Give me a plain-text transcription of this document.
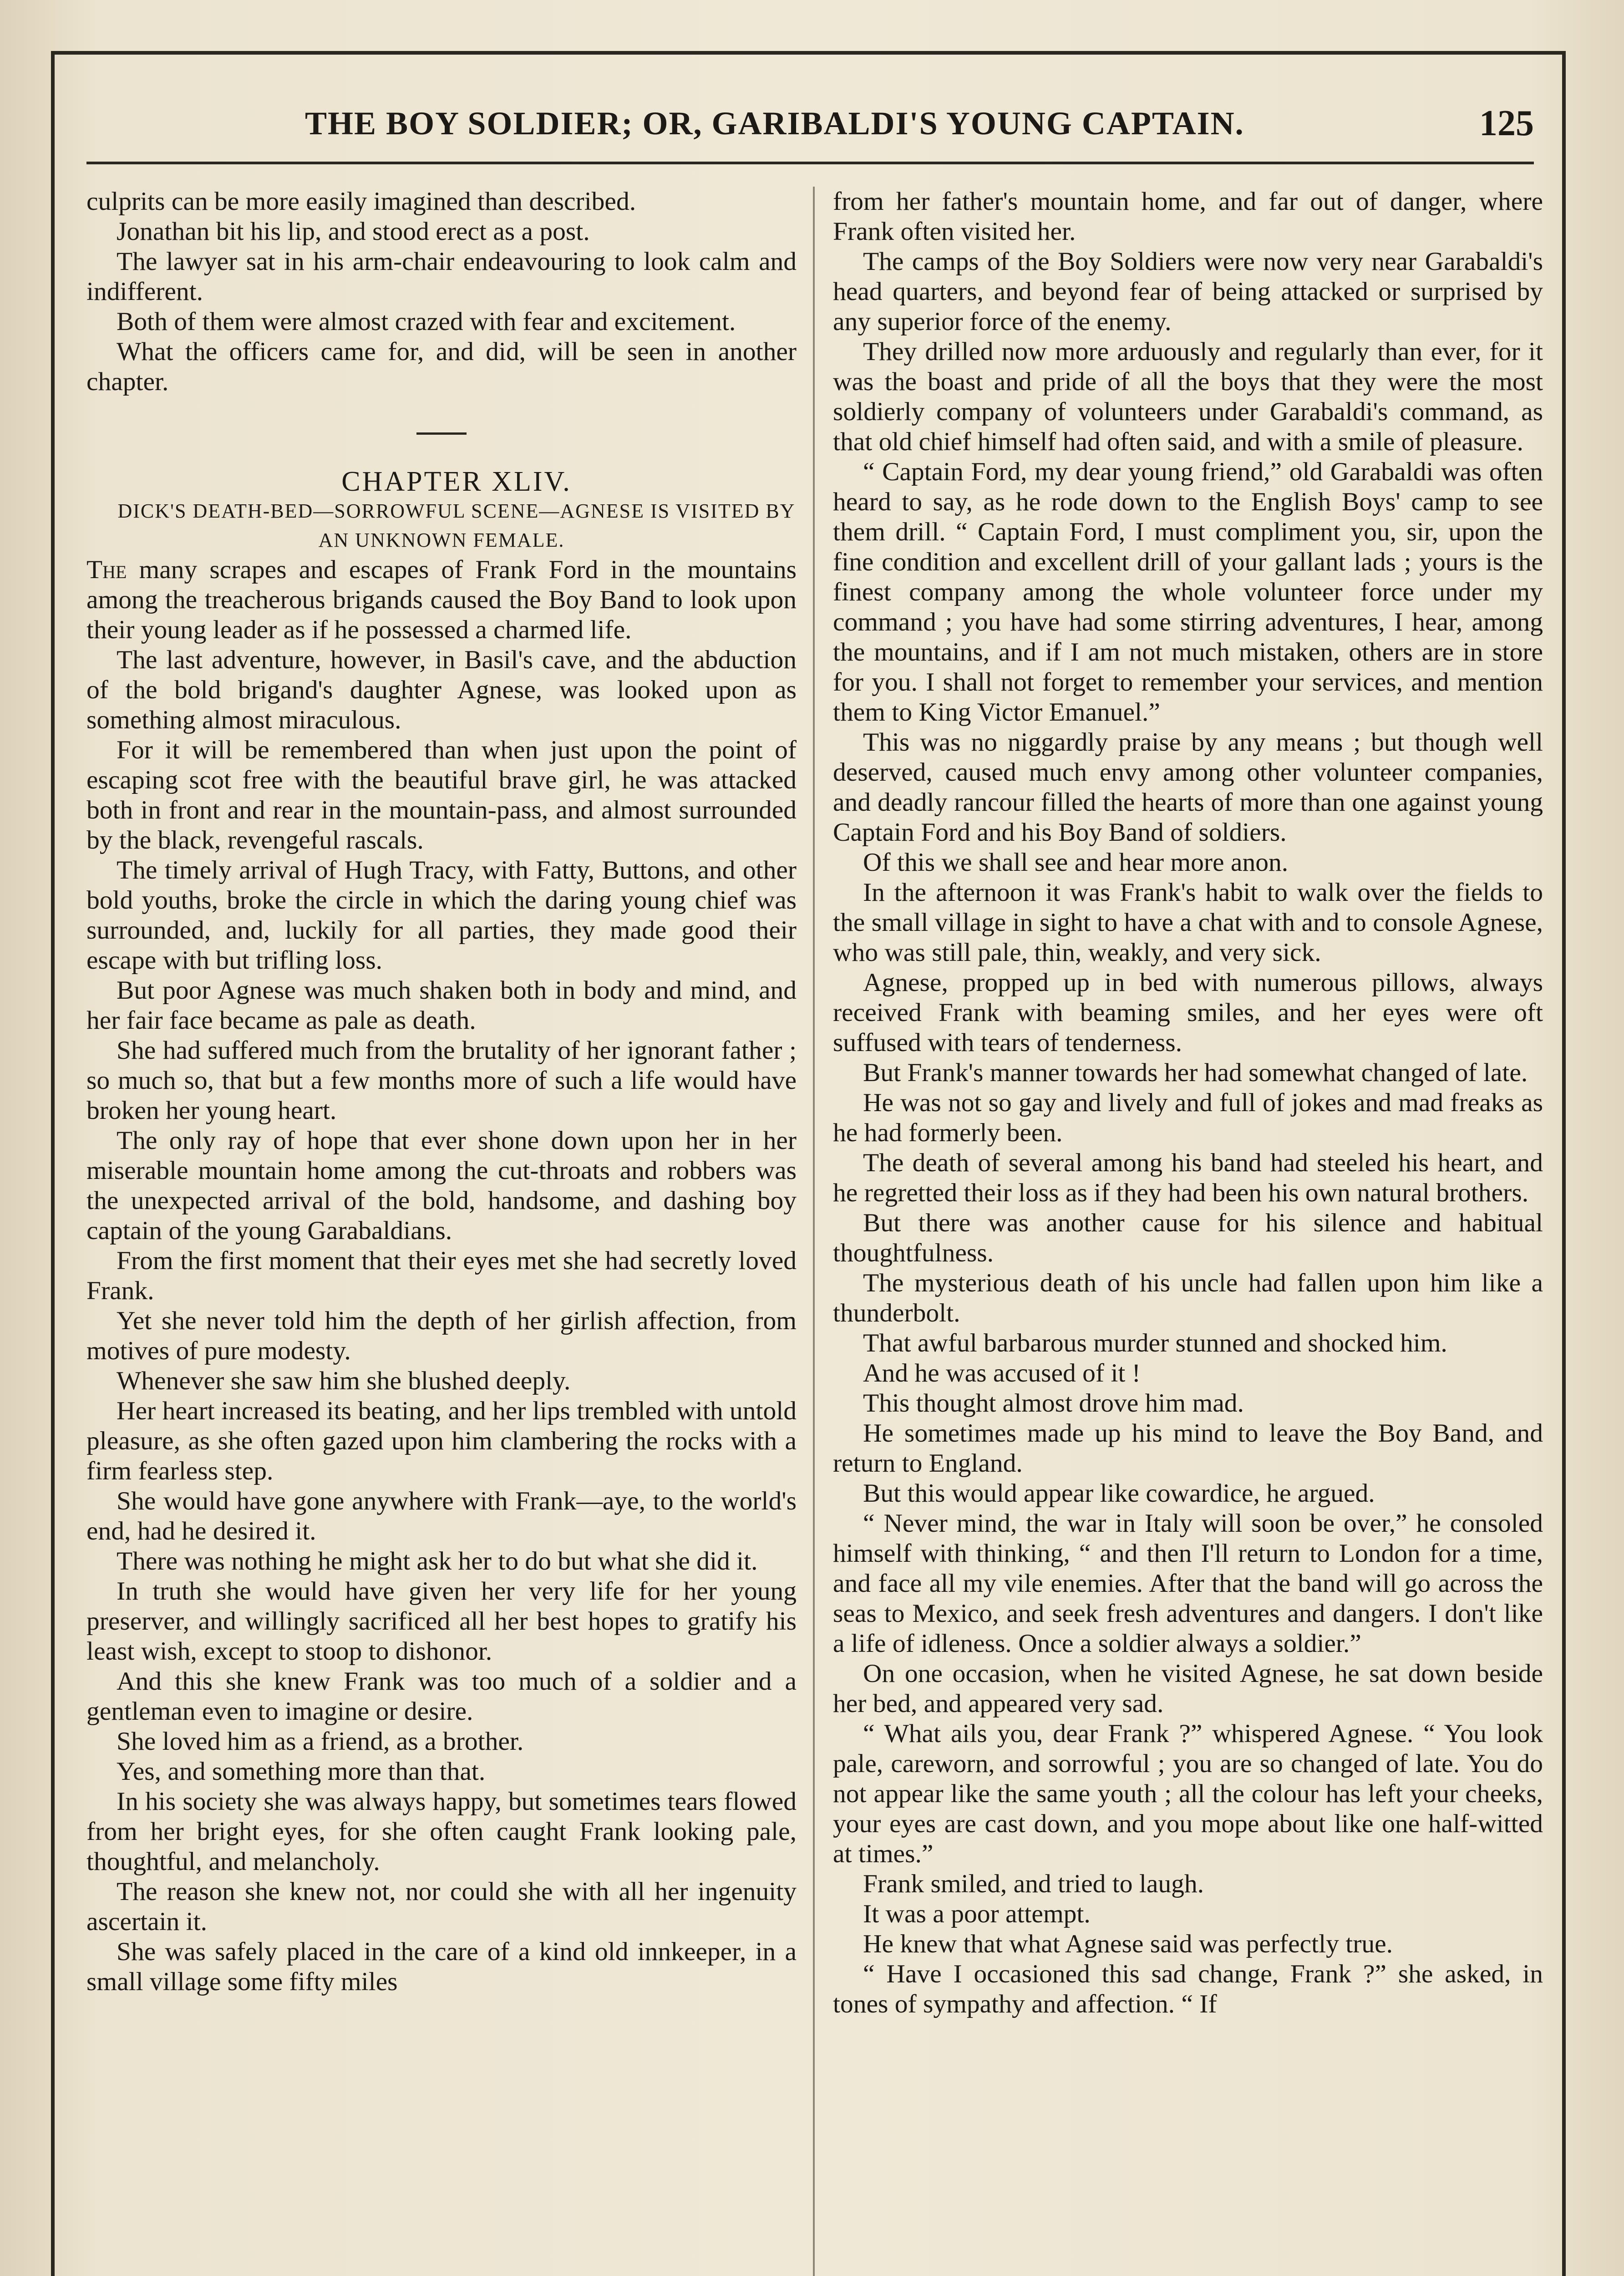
THE BOY SOLDIER; OR, GARIBALDI'S YOUNG CAPTAIN.	125

culprits can be more easily imagined than described.

Jonathan bit his lip, and stood erect as a post.

The lawyer sat in his arm-chair endeavouring to look calm and indifferent.

Both of them were almost crazed with fear and excitement.

What the officers came for, and did, will be seen in another chapter.

CHAPTER XLIV.

DICK'S DEATH-BED—SORROWFUL SCENE—AGNESE IS VISITED BY AN UNKNOWN FEMALE.

The many scrapes and escapes of Frank Ford in the mountains among the treacherous brigands caused the Boy Band to look upon their young leader as if he possessed a charmed life.

The last adventure, however, in Basil's cave, and the abduction of the bold brigand's daughter Agnese, was looked upon as something almost miraculous.

For it will be remembered than when just upon the point of escaping scot free with the beautiful brave girl, he was attacked both in front and rear in the mountain-pass, and almost surrounded by the black, revengeful rascals.

The timely arrival of Hugh Tracy, with Fatty, Buttons, and other bold youths, broke the circle in which the daring young chief was surrounded, and, luckily for all parties, they made good their escape with but trifling loss.

But poor Agnese was much shaken both in body and mind, and her fair face became as pale as death.

She had suffered much from the brutality of her ignorant father ; so much so, that but a few months more of such a life would have broken her young heart.

The only ray of hope that ever shone down upon her in her miserable mountain home among the cut-throats and robbers was the unexpected arrival of the bold, handsome, and dashing boy captain of the young Garabaldians.

From the first moment that their eyes met she had secretly loved Frank.

Yet she never told him the depth of her girlish affection, from motives of pure modesty.

Whenever she saw him she blushed deeply.

Her heart increased its beating, and her lips trembled with untold pleasure, as she often gazed upon him clambering the rocks with a firm fearless step.

She would have gone anywhere with Frank—aye, to the world's end, had he desired it.

There was nothing he might ask her to do but what she did it.

In truth she would have given her very life for her young preserver, and willingly sacrificed all her best hopes to gratify his least wish, except to stoop to dishonor.

And this she knew Frank was too much of a soldier and a gentleman even to imagine or desire.

She loved him as a friend, as a brother.

Yes, and something more than that.

In his society she was always happy, but sometimes tears flowed from her bright eyes, for she often caught Frank looking pale, thoughtful, and melancholy.

The reason she knew not, nor could she with all her ingenuity ascertain it.

She was safely placed in the care of a kind old innkeeper, in a small village some fifty miles

from her father's mountain home, and far out of danger, where Frank often visited her.

The camps of the Boy Soldiers were now very near Garabaldi's head quarters, and beyond fear of being attacked or surprised by any superior force of the enemy.

They drilled now more arduously and regularly than ever, for it was the boast and pride of all the boys that they were the most soldierly company of volunteers under Garabaldi's command, as that old chief himself had often said, and with a smile of pleasure.

“ Captain Ford, my dear young friend,” old Garabaldi was often heard to say, as he rode down to the English Boys' camp to see them drill. “ Captain Ford, I must compliment you, sir, upon the fine condition and excellent drill of your gallant lads ; yours is the finest company among the whole volunteer force under my command ; you have had some stirring adventures, I hear, among the mountains, and if I am not much mistaken, others are in store for you. I shall not forget to remember your services, and mention them to King Victor Emanuel.”

This was no niggardly praise by any means ; but though well deserved, caused much envy among other volunteer companies, and deadly rancour filled the hearts of more than one against young Captain Ford and his Boy Band of soldiers.

Of this we shall see and hear more anon.

In the afternoon it was Frank's habit to walk over the fields to the small village in sight to have a chat with and to console Agnese, who was still pale, thin, weakly, and very sick.

Agnese, propped up in bed with numerous pillows, always received Frank with beaming smiles, and her eyes were oft suffused with tears of tenderness.

But Frank's manner towards her had somewhat changed of late.

He was not so gay and lively and full of jokes and mad freaks as he had formerly been.

The death of several among his band had steeled his heart, and he regretted their loss as if they had been his own natural brothers.

But there was another cause for his silence and habitual thoughtfulness.

The mysterious death of his uncle had fallen upon him like a thunderbolt.

That awful barbarous murder stunned and shocked him.

And he was accused of it !

This thought almost drove him mad.

He sometimes made up his mind to leave the Boy Band, and return to England.

But this would appear like cowardice, he argued.

“ Never mind, the war in Italy will soon be over,” he consoled himself with thinking, “ and then I'll return to London for a time, and face all my vile enemies. After that the band will go across the seas to Mexico, and seek fresh adventures and dangers. I don't like a life of idleness. Once a soldier always a soldier.”

On one occasion, when he visited Agnese, he sat down beside her bed, and appeared very sad.

“ What ails you, dear Frank ?” whispered Agnese. “ You look pale, careworn, and sorrowful ; you are so changed of late. You do not appear like the same youth ; all the colour has left your cheeks, your eyes are cast down, and you mope about like one half-witted at times.”

Frank smiled, and tried to laugh.

It was a poor attempt.

He knew that what Agnese said was perfectly true.

“ Have I occasioned this sad change, Frank ?” she asked, in tones of sympathy and affection. “ If
